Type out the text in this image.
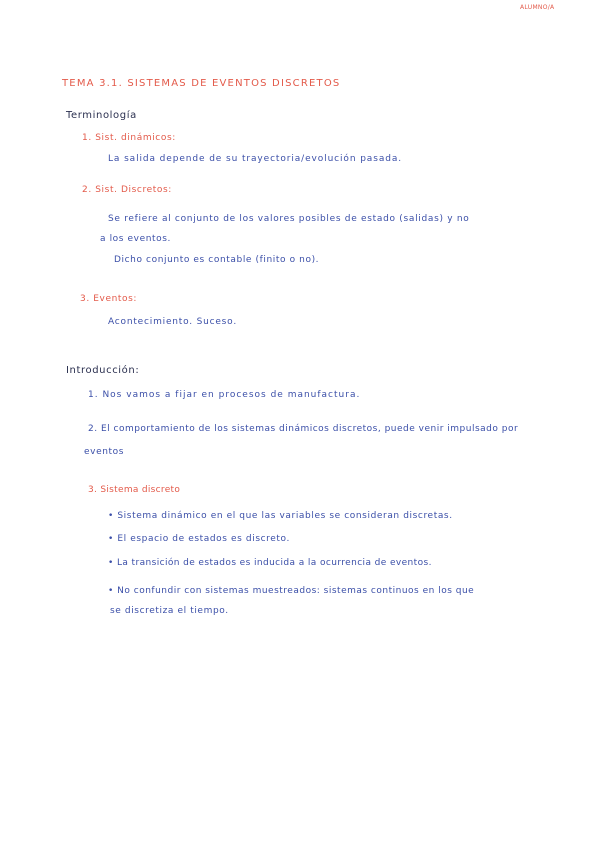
ALUMNO/A
TEMA 3.1. SISTEMAS DE EVENTOS DISCRETOS
Terminología
1. Sist. dinámicos:
La salida depende de su trayectoria/evolución pasada.
2. Sist. Discretos:
Se refiere al conjunto de los valores posibles de estado (salidas) y no
a los eventos.
Dicho conjunto es contable (finito o no).
3. Eventos:
Acontecimiento. Suceso.
Introducción:
1. Nos vamos a fijar en procesos de manufactura.
2. El comportamiento de los sistemas dinámicos discretos, puede venir impulsado por
eventos
3. Sistema discreto
• Sistema dinámico en el que las variables se consideran discretas.
• El espacio de estados es discreto.
• La transición de estados es inducida a la ocurrencia de eventos.
• No confundir con sistemas muestreados: sistemas continuos en los que
se discretiza el tiempo.
